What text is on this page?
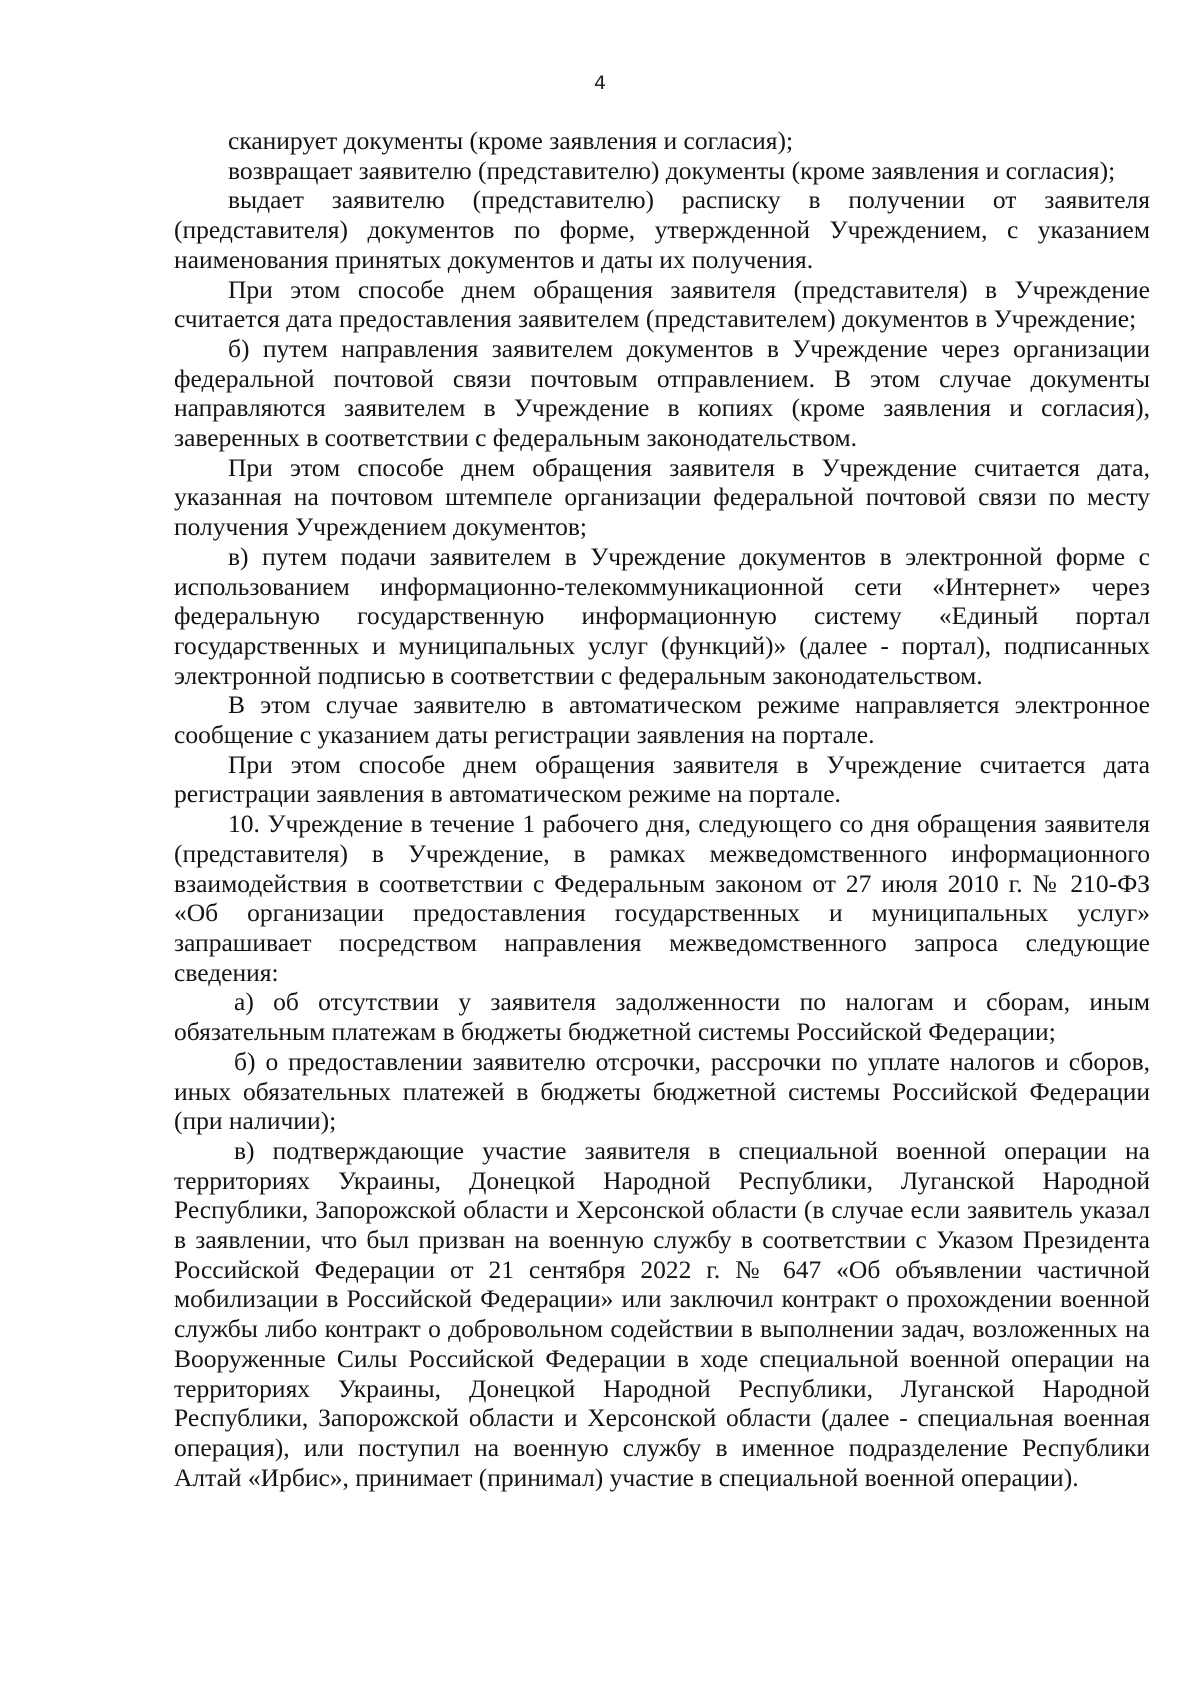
4

сканирует документы (кроме заявления и согласия);

возвращает заявителю (представителю) документы (кроме заявления и согласия);

выдает заявителю (представителю) расписку в получении от заявителя (представителя) документов по форме, утвержденной Учреждением, с указанием наименования принятых документов и даты их получения.

При этом способе днем обращения заявителя (представителя) в Учреждение считается дата предоставления заявителем (представителем) документов в Учреждение;

б) путем направления заявителем документов в Учреждение через организации федеральной почтовой связи почтовым отправлением. В этом случае документы направляются заявителем в Учреждение в копиях (кроме заявления и согласия), заверенных в соответствии с федеральным законодательством.

При этом способе днем обращения заявителя в Учреждение считается дата, указанная на почтовом штемпеле организации федеральной почтовой связи по месту получения Учреждением документов;

в) путем подачи заявителем в Учреждение документов в электронной форме с использованием информационно-телекоммуникационной сети «Интернет» через федеральную государственную информационную систему «Единый портал государственных и муниципальных услуг (функций)» (далее - портал), подписанных электронной подписью в соответствии с федеральным законодательством.

В этом случае заявителю в автоматическом режиме направляется электронное сообщение с указанием даты регистрации заявления на портале.

При этом способе днем обращения заявителя в Учреждение считается дата регистрации заявления в автоматическом режиме на портале.

10. Учреждение в течение 1 рабочего дня, следующего со дня обращения заявителя (представителя) в Учреждение, в рамках межведомственного информационного взаимодействия в соответствии с Федеральным законом от 27 июля 2010 г. № 210-ФЗ «Об организации предоставления государственных и муниципальных услуг» запрашивает посредством направления межведомственного запроса следующие сведения:

а) об отсутствии у заявителя задолженности по налогам и сборам, иным обязательным платежам в бюджеты бюджетной системы Российской Федерации;

б) о предоставлении заявителю отсрочки, рассрочки по уплате налогов и сборов, иных обязательных платежей в бюджеты бюджетной системы Российской Федерации (при наличии);

в) подтверждающие участие заявителя в специальной военной операции на территориях Украины, Донецкой Народной Республики, Луганской Народной Республики, Запорожской области и Херсонской области (в случае если заявитель указал в заявлении, что был призван на военную службу в соответствии с Указом Президента Российской Федерации от 21 сентября 2022 г. № 647 «Об объявлении частичной мобилизации в Российской Федерации» или заключил контракт о прохождении военной службы либо контракт о добровольном содействии в выполнении задач, возложенных на Вооруженные Силы Российской Федерации в ходе специальной военной операции на территориях Украины, Донецкой Народной Республики, Луганской Народной Республики, Запорожской области и Херсонской области (далее - специальная военная операция), или поступил на военную службу в именное подразделение Республики Алтай «Ирбис», принимает (принимал) участие в специальной военной операции).
